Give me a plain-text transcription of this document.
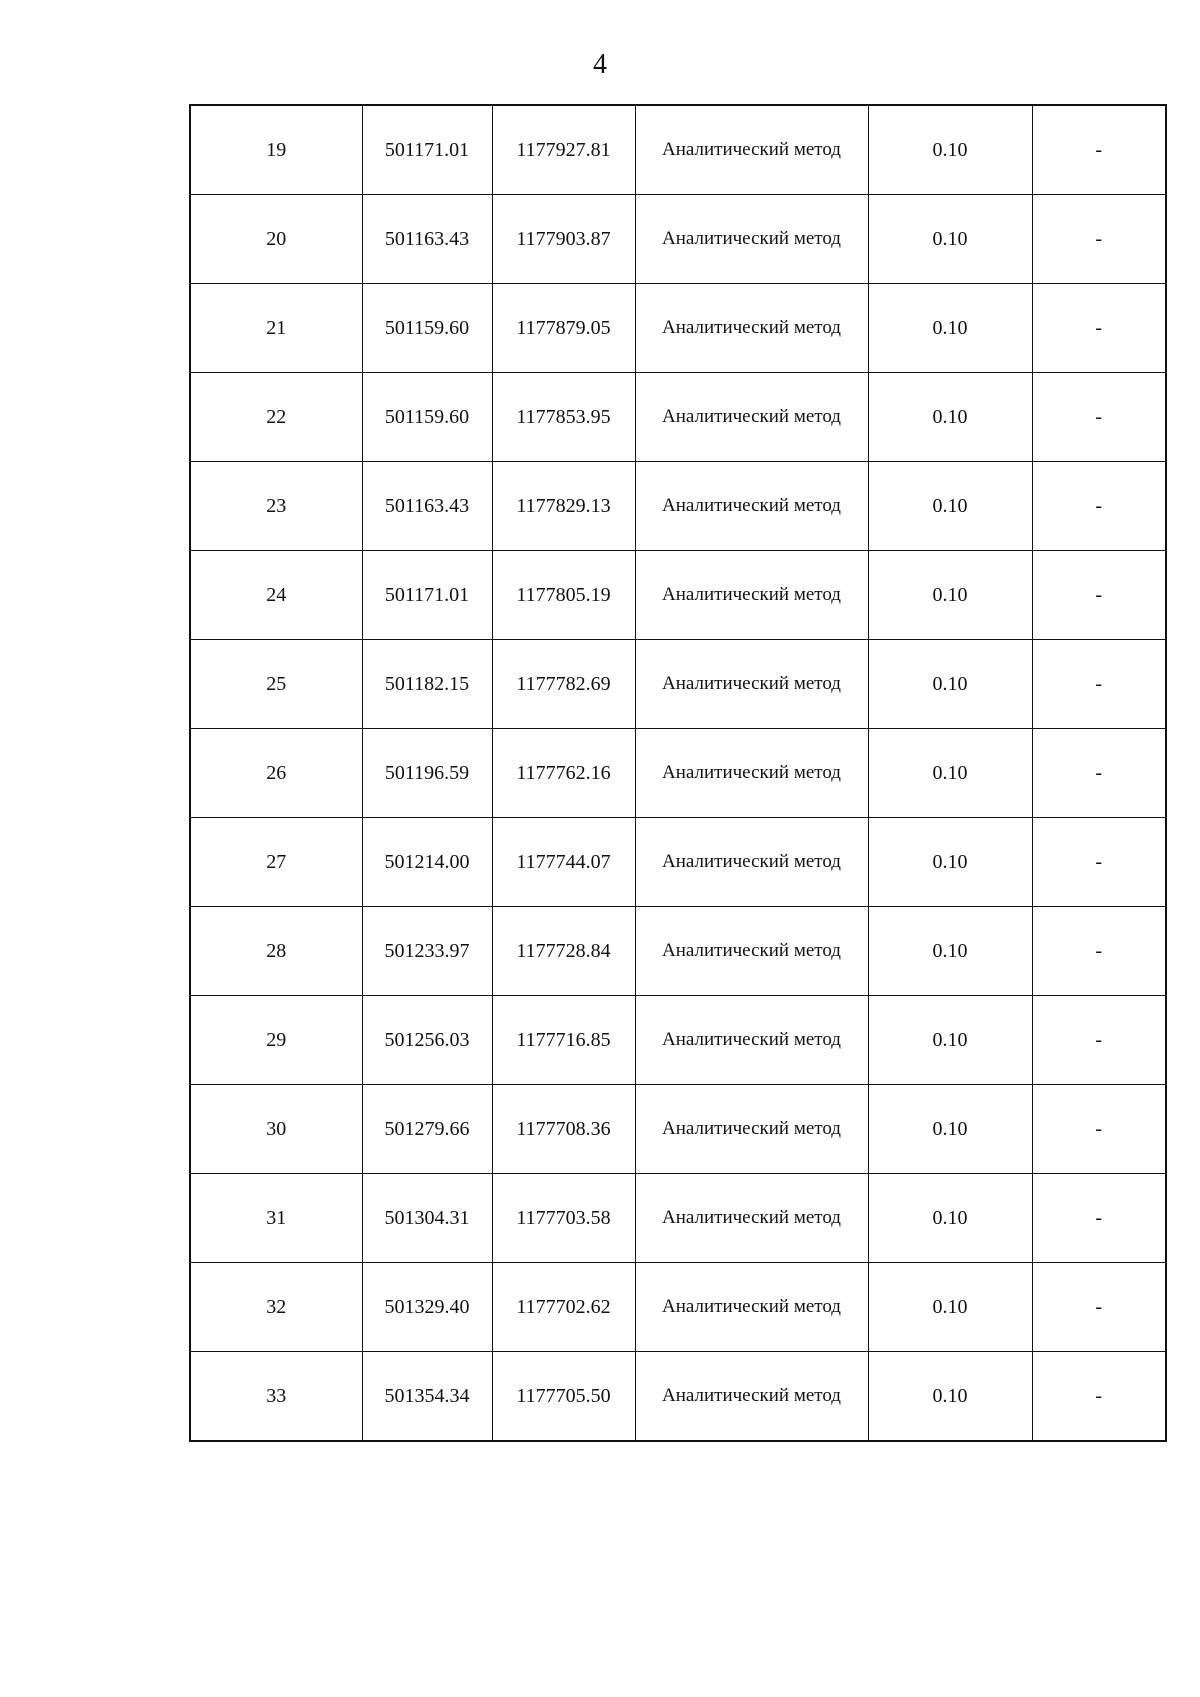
4
19	501171.01	1177927.81	Аналитический метод	0.10	-
20	501163.43	1177903.87	Аналитический метод	0.10	-
21	501159.60	1177879.05	Аналитический метод	0.10	-
22	501159.60	1177853.95	Аналитический метод	0.10	-
23	501163.43	1177829.13	Аналитический метод	0.10	-
24	501171.01	1177805.19	Аналитический метод	0.10	-
25	501182.15	1177782.69	Аналитический метод	0.10	-
26	501196.59	1177762.16	Аналитический метод	0.10	-
27	501214.00	1177744.07	Аналитический метод	0.10	-
28	501233.97	1177728.84	Аналитический метод	0.10	-
29	501256.03	1177716.85	Аналитический метод	0.10	-
30	501279.66	1177708.36	Аналитический метод	0.10	-
31	501304.31	1177703.58	Аналитический метод	0.10	-
32	501329.40	1177702.62	Аналитический метод	0.10	-
33	501354.34	1177705.50	Аналитический метод	0.10	-
